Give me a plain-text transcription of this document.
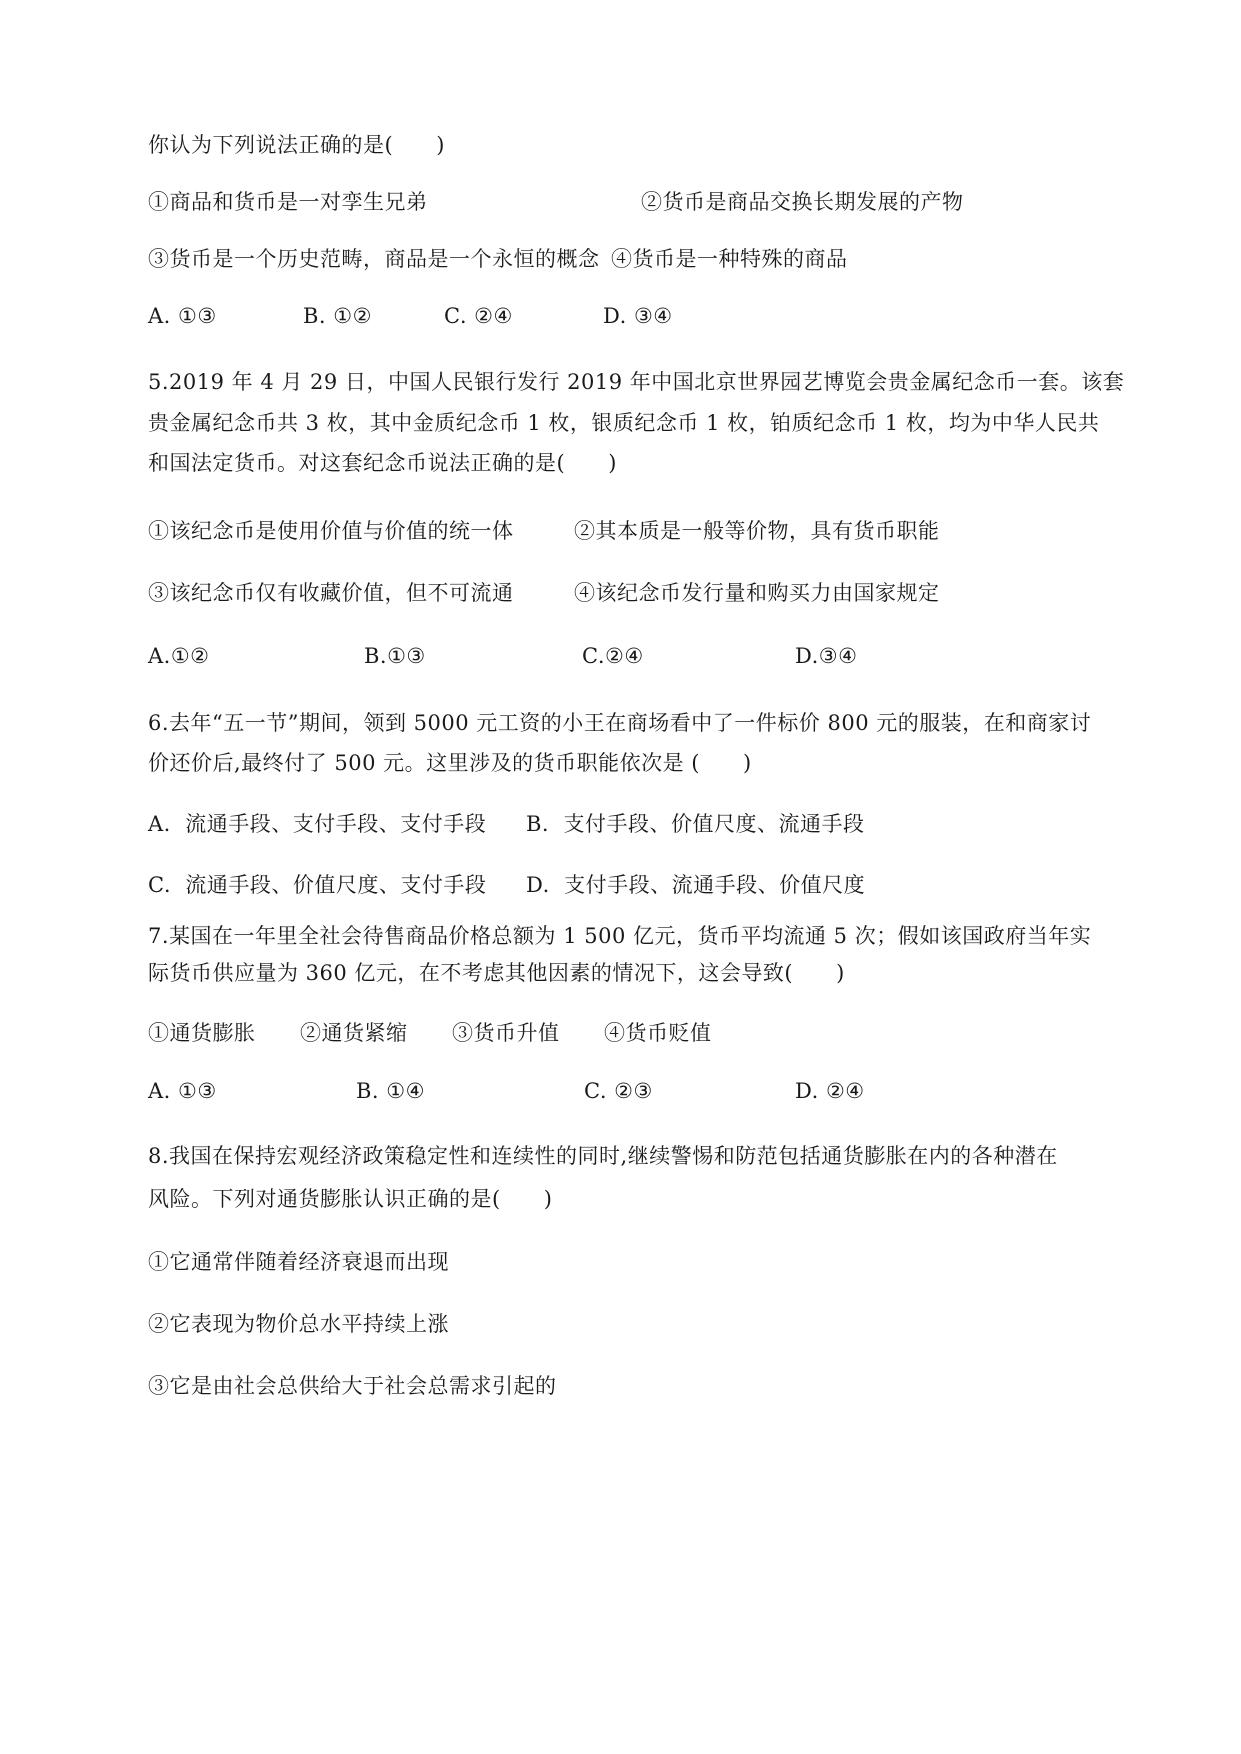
你认为下列说法正确的是(　　)
①商品和货币是一对孪生兄弟	②货币是商品交换长期发展的产物
③货币是一个历史范畴，商品是一个永恒的概念 ④货币是一种特殊的商品
A. ①③	B. ①②	C. ②④	D. ③④
5.2019 年 4 月 29 日，中国人民银行发行 2019 年中国北京世界园艺博览会贵金属纪念币一套。该套
贵金属纪念币共 3 枚，其中金质纪念币 1 枚，银质纪念币 1 枚，铂质纪念币 1 枚，均为中华人民共
和国法定货币。对这套纪念币说法正确的是(　　)
①该纪念币是使用价值与价值的统一体	②其本质是一般等价物，具有货币职能
③该纪念币仅有收藏价值，但不可流通	④该纪念币发行量和购买力由国家规定
A.①②	B.①③	C.②④	D.③④
6.去年“五一节”期间，领到 5000 元工资的小王在商场看中了一件标价 800 元的服装，在和商家讨
价还价后,最终付了 500 元。这里涉及的货币职能依次是 (　　)
A.  流通手段、支付手段、支付手段 B.  支付手段、价值尺度、流通手段
C.  流通手段、价值尺度、支付手段 D.  支付手段、流通手段、价值尺度
7.某国在一年里全社会待售商品价格总额为 1 500 亿元，货币平均流通 5 次；假如该国政府当年实
际货币供应量为 360 亿元，在不考虑其他因素的情况下，这会导致(　　)
①通货膨胀 ②通货紧缩 ③货币升值 ④货币贬值
A. ①③	B. ①④	C. ②③	D. ②④
8.我国在保持宏观经济政策稳定性和连续性的同时,继续警惕和防范包括通货膨胀在内的各种潜在
风险。下列对通货膨胀认识正确的是(　　)
①它通常伴随着经济衰退而出现
②它表现为物价总水平持续上涨
③它是由社会总供给大于社会总需求引起的
